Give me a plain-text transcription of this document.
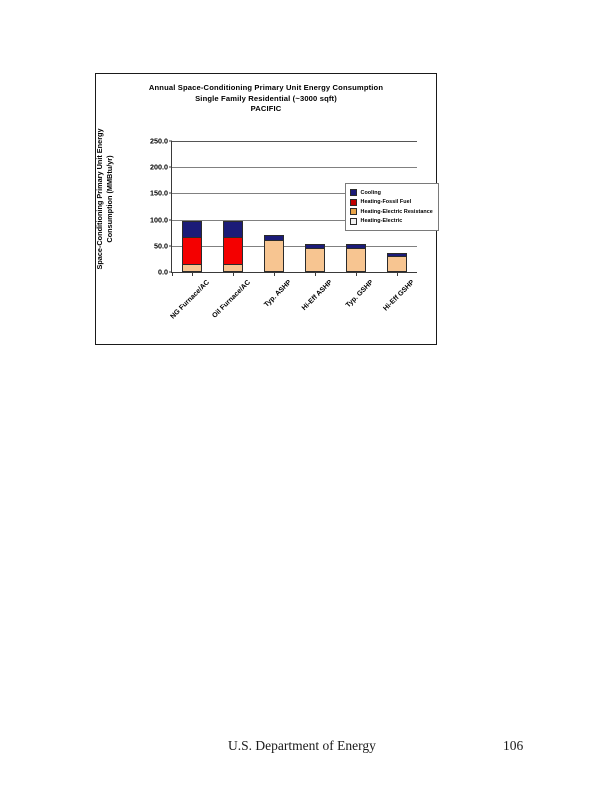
Annual Space-Conditioning Primary Unit Energy Consumption
Single Family Residential (~3000 sqft)
PACIFIC
Space-Conditioning Primary Unit Energy Consumption (MMBtu/yr)
250.0
200.0
150.0
100.0
50.0
0.0
NG Furnace/AC Oil Furnace/AC Typ. ASHP Hi-Eff ASHP Typ. GSHP Hi-Eff GSHP
Cooling
Heating-Fossil Fuel
Heating-Electric Resistance
Heating-Electric
U.S. Department of Energy	106
